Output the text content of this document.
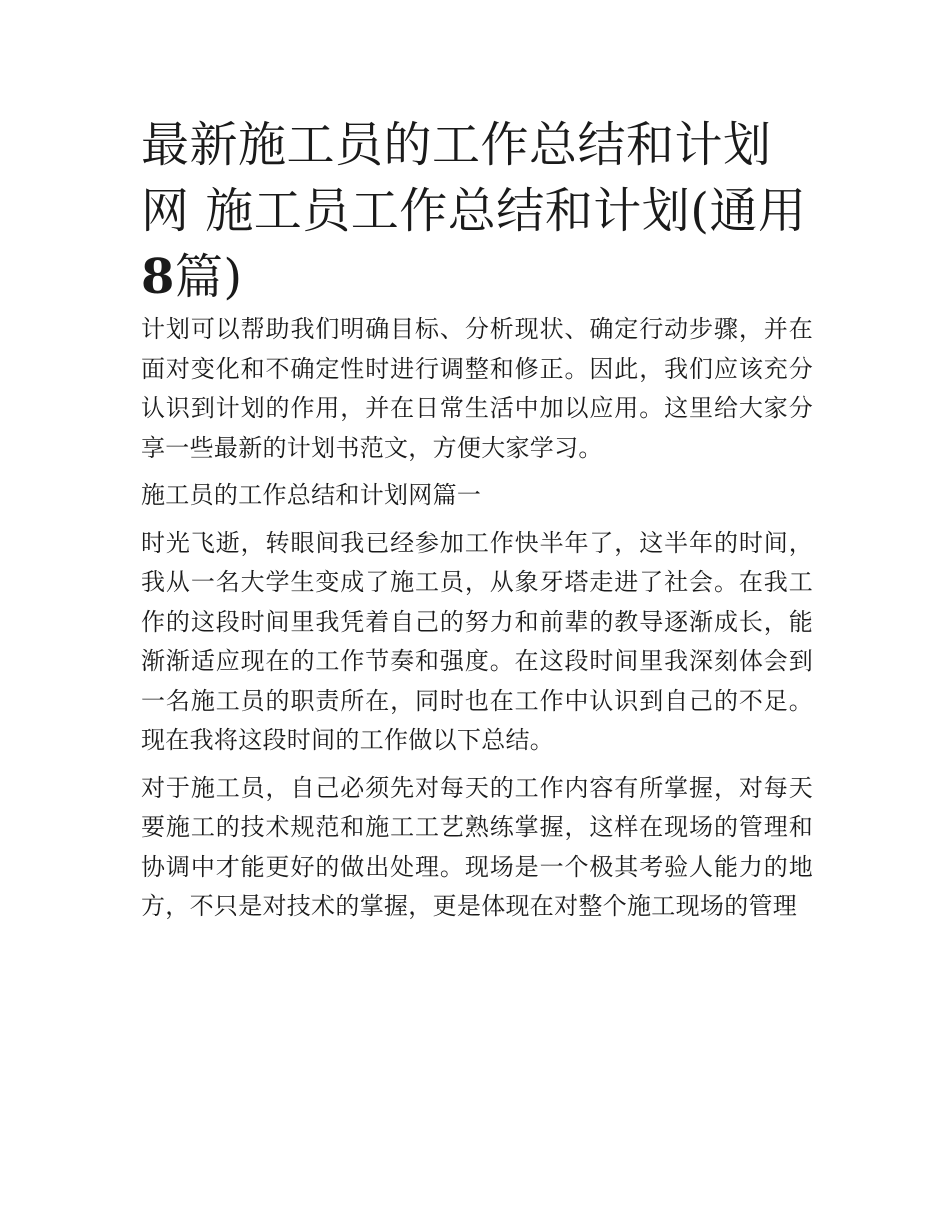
最新施工员的工作总结和计划网 施工员工作总结和计划(通用8篇)

计划可以帮助我们明确目标、分析现状、确定行动步骤，并在面对变化和不确定性时进行调整和修正。因此，我们应该充分认识到计划的作用，并在日常生活中加以应用。这里给大家分享一些最新的计划书范文，方便大家学习。

施工员的工作总结和计划网篇一

时光飞逝，转眼间我已经参加工作快半年了，这半年的时间，我从一名大学生变成了施工员，从象牙塔走进了社会。在我工作的这段时间里我凭着自己的努力和前辈的教导逐渐成长，能渐渐适应现在的工作节奏和强度。在这段时间里我深刻体会到一名施工员的职责所在，同时也在工作中认识到自己的不足。现在我将这段时间的工作做以下总结。

对于施工员，自己必须先对每天的工作内容有所掌握，对每天要施工的技术规范和施工工艺熟练掌握，这样在现场的管理和协调中才能更好的做出处理。现场是一个极其考验人能力的地方，不只是对技术的掌握，更是体现在对整个施工现场的管理
